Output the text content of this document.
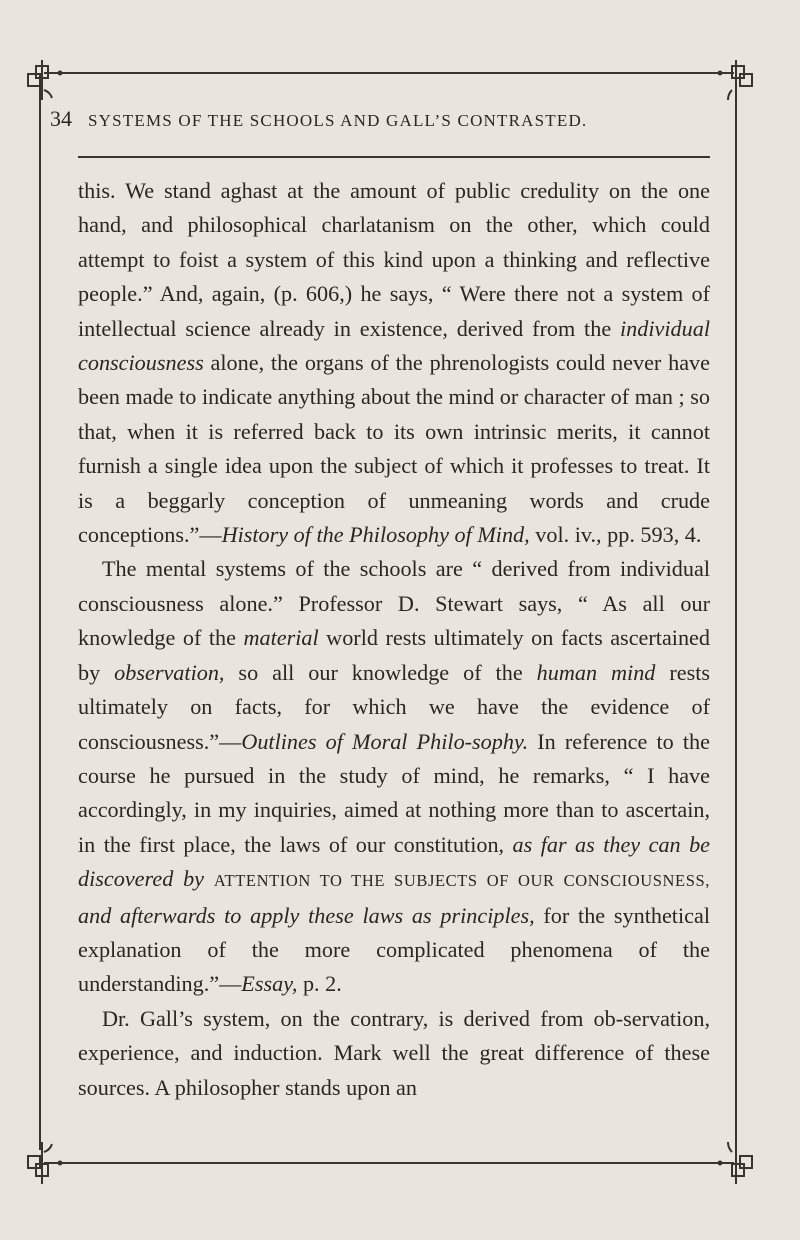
34 SYSTEMS OF THE SCHOOLS AND GALL’S CONTRASTED.

this. We stand aghast at the amount of public credulity on the one hand, and philosophical charlatanism on the other, which could attempt to foist a system of this kind upon a thinking and reflective people.” And, again, (p. 606,) he says, “ Were there not a system of intellectual science already in existence, derived from the individual consciousness alone, the organs of the phrenologists could never have been made to indicate anything about the mind or character of man ; so that, when it is referred back to its own intrinsic merits, it cannot furnish a single idea upon the subject of which it professes to treat. It is a beggarly conception of unmeaning words and crude conceptions.”—History of the Philosophy of Mind, vol. iv., pp. 593, 4.

The mental systems of the schools are “ derived from individual consciousness alone.” Professor D. Stewart says, “ As all our knowledge of the material world rests ultimately on facts ascertained by observation, so all our knowledge of the human mind rests ultimately on facts, for which we have the evidence of consciousness.”—Outlines of Moral Philo-sophy. In reference to the course he pursued in the study of mind, he remarks, “ I have accordingly, in my inquiries, aimed at nothing more than to ascertain, in the first place, the laws of our constitution, as far as they can be discovered by ATTENTION TO THE SUBJECTS OF OUR CONSCIOUSNESS, and afterwards to apply these laws as principles, for the synthetical explanation of the more complicated phenomena of the understanding.”—Essay, p. 2.

Dr. Gall’s system, on the contrary, is derived from ob-servation, experience, and induction. Mark well the great difference of these sources. A philosopher stands upon an
